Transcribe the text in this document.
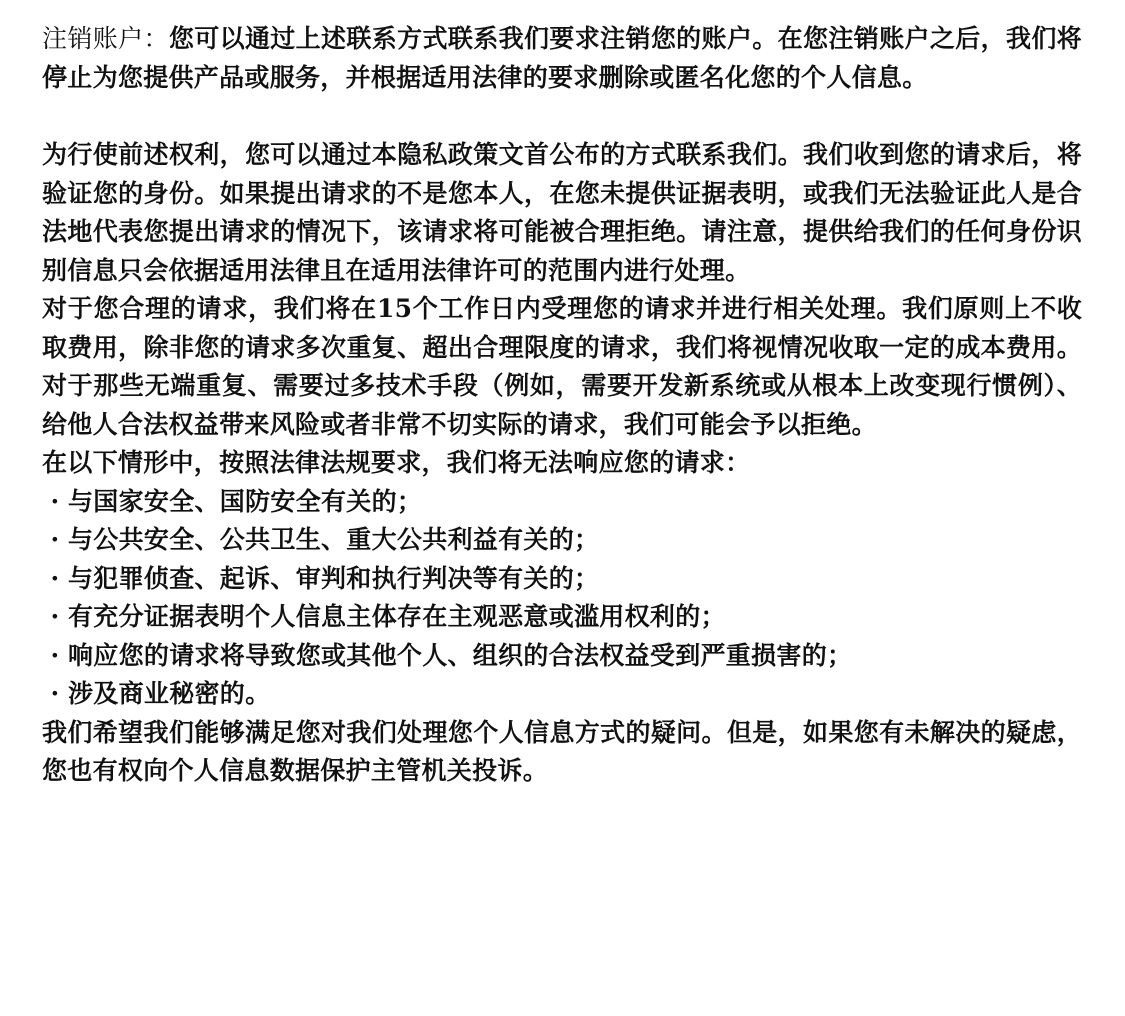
注销账户：您可以通过上述联系方式联系我们要求注销您的账户。在您注销账户之后，我们将停止为您提供产品或服务，并根据适用法律的要求删除或匿名化您的个人信息。

为行使前述权利，您可以通过本隐私政策文首公布的方式联系我们。我们收到您的请求后，将验证您的身份。如果提出请求的不是您本人，在您未提供证据表明，或我们无法验证此人是合法地代表您提出请求的情况下，该请求将可能被合理拒绝。请注意，提供给我们的任何身份识别信息只会依据适用法律且在适用法律许可的范围内进行处理。

对于您合理的请求，我们将在15个工作日内受理您的请求并进行相关处理。我们原则上不收取费用，除非您的请求多次重复、超出合理限度的请求，我们将视情况收取一定的成本费用。对于那些无端重复、需要过多技术手段（例如，需要开发新系统或从根本上改变现行惯例）、给他人合法权益带来风险或者非常不切实际的请求，我们可能会予以拒绝。

在以下情形中，按照法律法规要求，我们将无法响应您的请求：

· 与国家安全、国防安全有关的；
· 与公共安全、公共卫生、重大公共利益有关的；
· 与犯罪侦查、起诉、审判和执行判决等有关的；
· 有充分证据表明个人信息主体存在主观恶意或滥用权利的；
· 响应您的请求将导致您或其他个人、组织的合法权益受到严重损害的；
· 涉及商业秘密的。

我们希望我们能够满足您对我们处理您个人信息方式的疑问。但是，如果您有未解决的疑虑，您也有权向个人信息数据保护主管机关投诉。
